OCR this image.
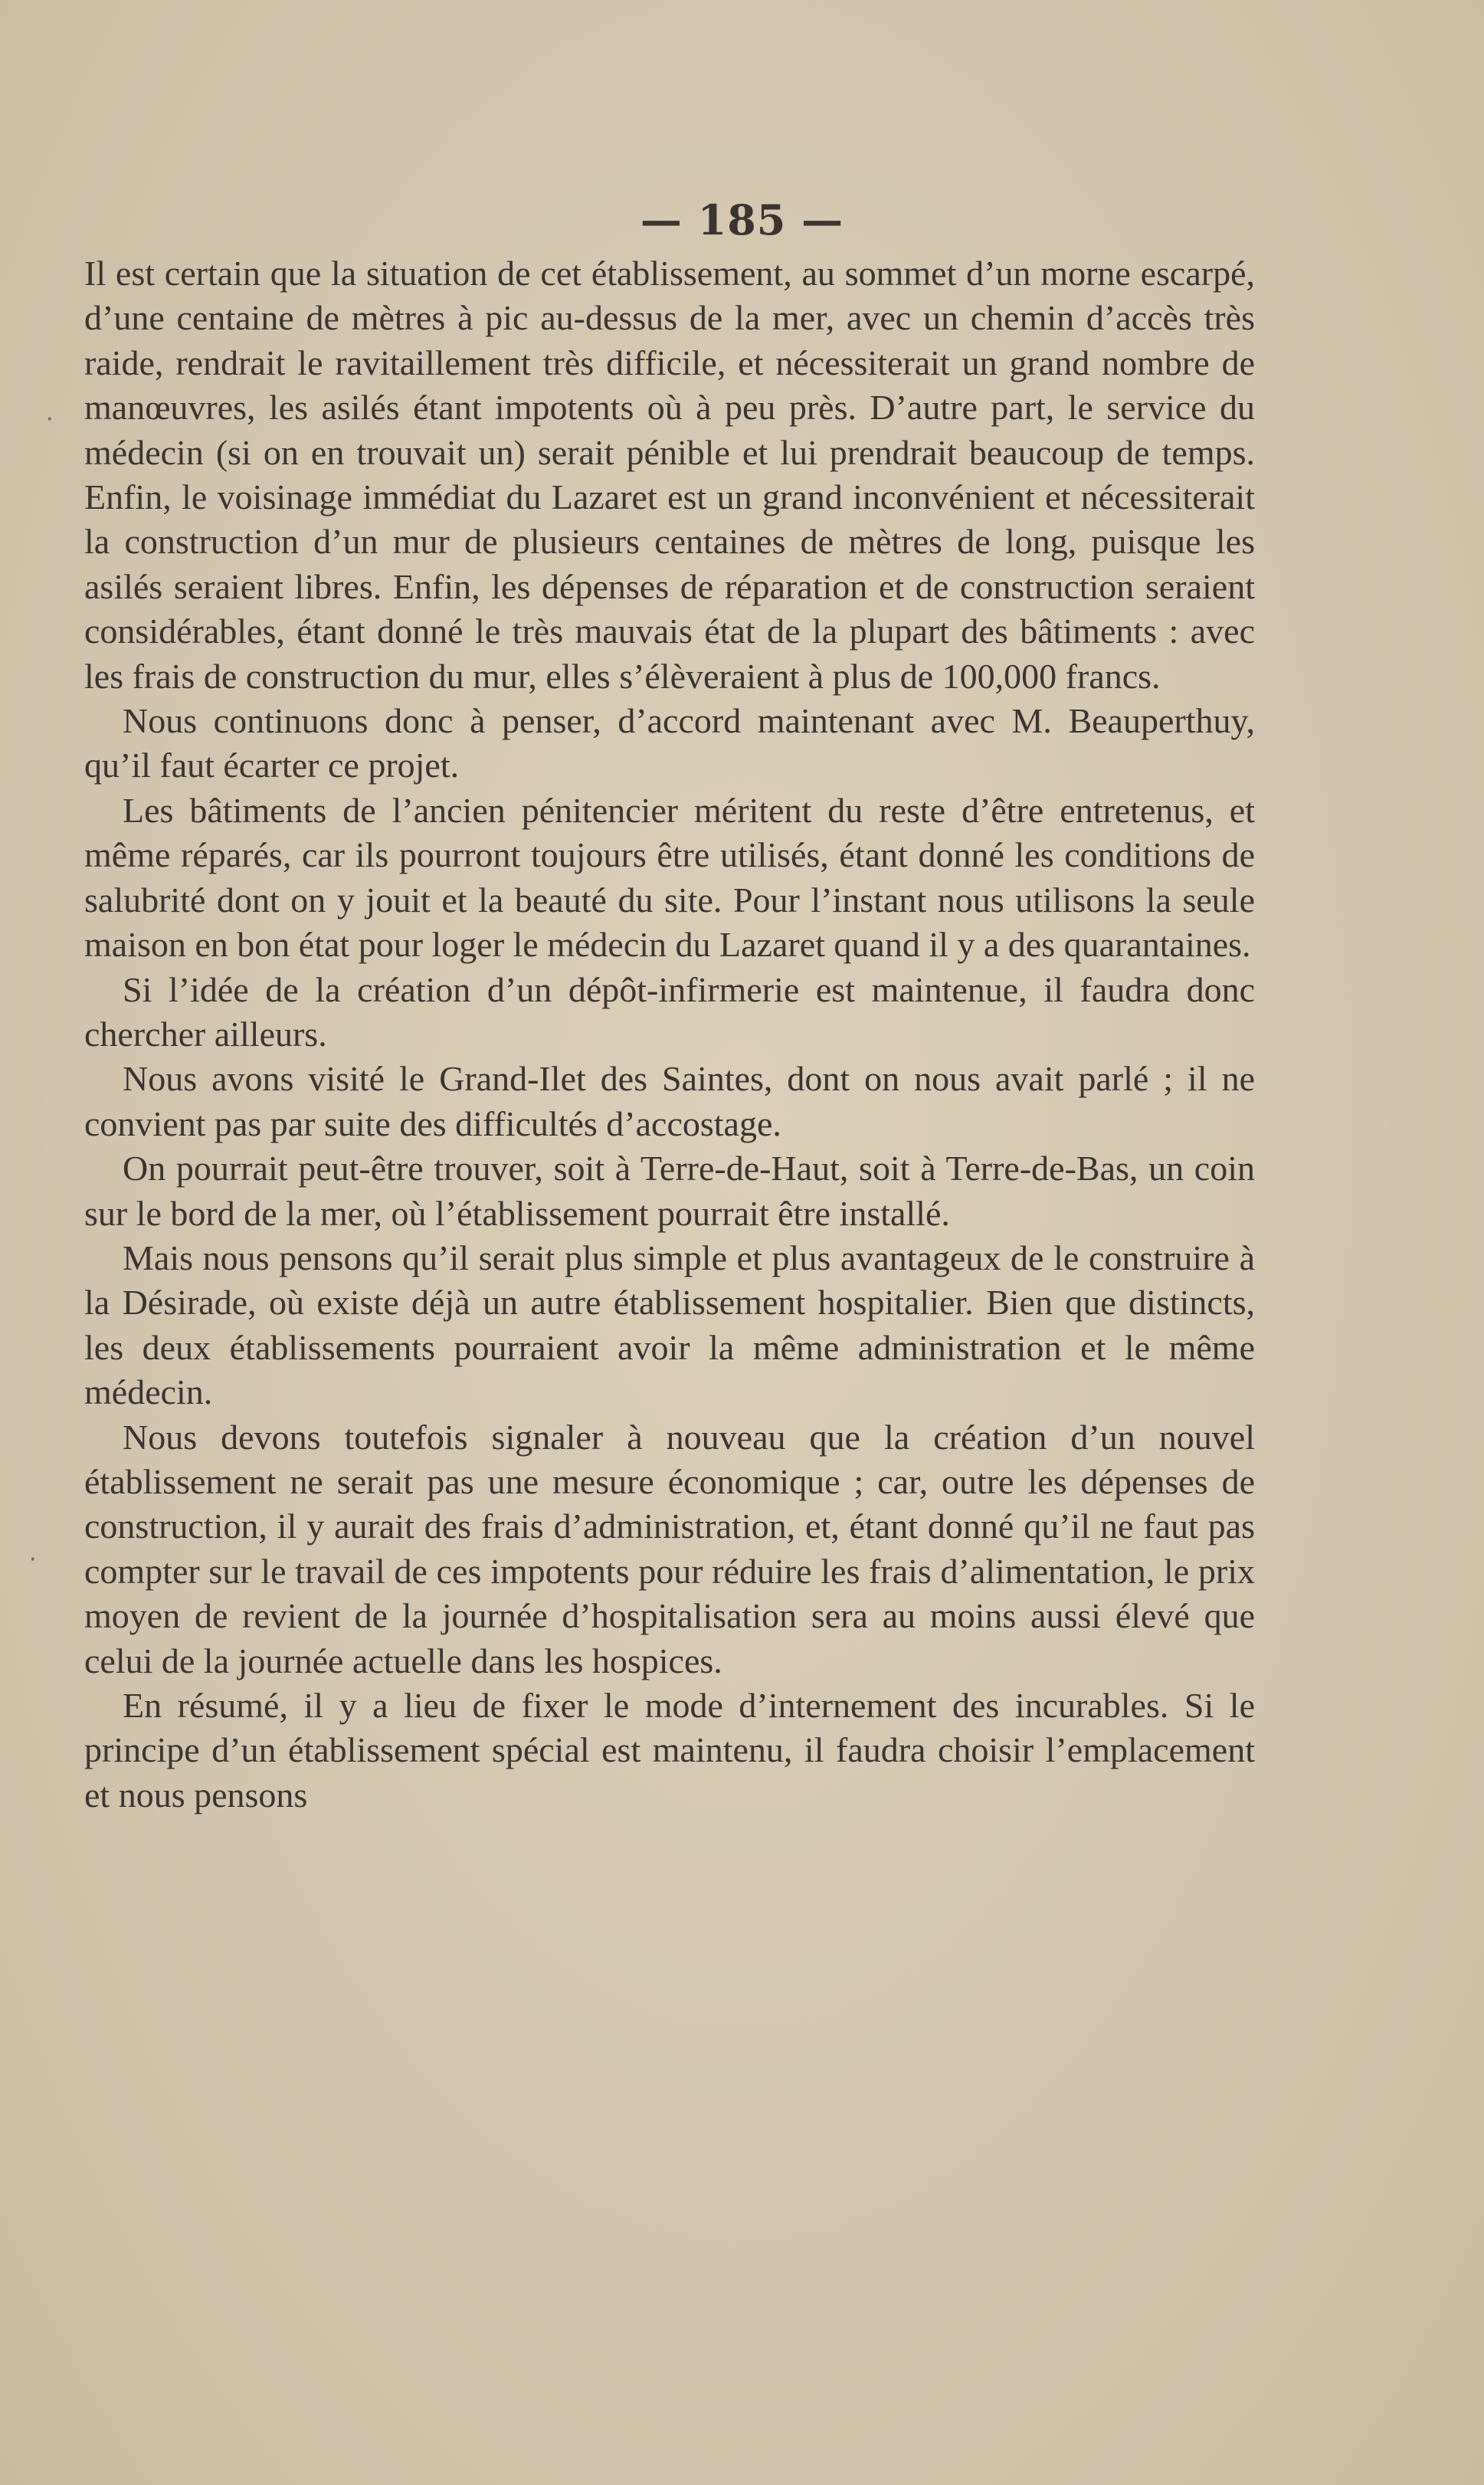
— 185 —

Il est certain que la situation de cet établissement, au sommet d’un morne escarpé, d’une centaine de mètres à pic au-dessus de la mer, avec un chemin d’accès très raide, rendrait le ravitaillement très difficile, et nécessiterait un grand nombre de manœuvres, les asilés étant impotents où à peu près. D’autre part, le service du médecin (si on en trouvait un) serait pénible et lui prendrait beaucoup de temps. Enfin, le voisinage immédiat du Lazaret est un grand inconvénient et nécessiterait la construction d’un mur de plusieurs centaines de mètres de long, puisque les asilés seraient libres. Enfin, les dépenses de réparation et de construction seraient considérables, étant donné le très mauvais état de la plupart des bâtiments : avec les frais de construction du mur, elles s’élèveraient à plus de 100,000 francs.

Nous continuons donc à penser, d’accord maintenant avec M. Beauperthuy, qu’il faut écarter ce projet.

Les bâtiments de l’ancien pénitencier méritent du reste d’être entretenus, et même réparés, car ils pourront toujours être utilisés, étant donné les conditions de salubrité dont on y jouit et la beauté du site. Pour l’instant nous utilisons la seule maison en bon état pour loger le médecin du Lazaret quand il y a des quarantaines.

Si l’idée de la création d’un dépôt-infirmerie est maintenue, il faudra donc chercher ailleurs.

Nous avons visité le Grand-Ilet des Saintes, dont on nous avait parlé ; il ne convient pas par suite des difficultés d’accostage.

On pourrait peut-être trouver, soit à Terre-de-Haut, soit à Terre-de-Bas, un coin sur le bord de la mer, où l’établissement pourrait être installé.

Mais nous pensons qu’il serait plus simple et plus avantageux de le construire à la Désirade, où existe déjà un autre établissement hospitalier. Bien que distincts, les deux établissements pourraient avoir la même administration et le même médecin.

Nous devons toutefois signaler à nouveau que la création d’un nouvel établissement ne serait pas une mesure économique ; car, outre les dépenses de construction, il y aurait des frais d’administration, et, étant donné qu’il ne faut pas compter sur le travail de ces impotents pour réduire les frais d’alimentation, le prix moyen de revient de la journée d’hospitalisation sera au moins aussi élevé que celui de la journée actuelle dans les hospices.

En résumé, il y a lieu de fixer le mode d’internement des incurables. Si le principe d’un établissement spécial est maintenu, il faudra choisir l’emplacement et nous pensons

·
·
